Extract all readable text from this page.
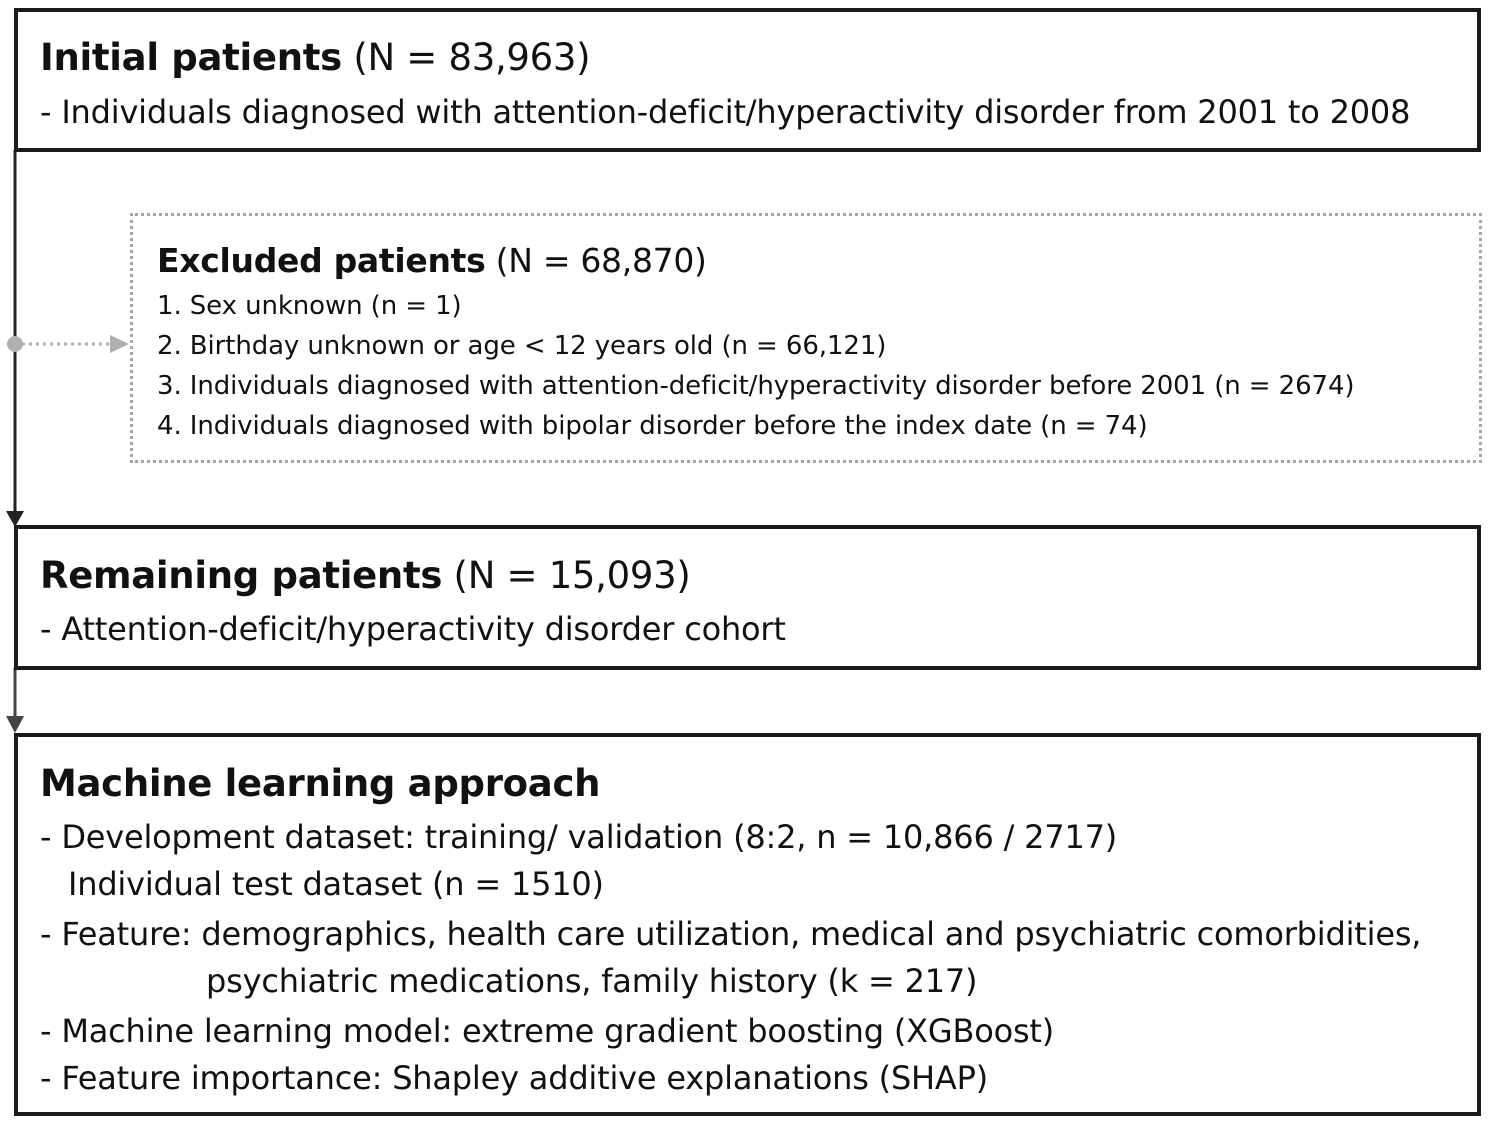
Initial patients (N = 83,963)
- Individuals diagnosed with attention-deficit/hyperactivity disorder from 2001 to 2008
Excluded patients (N = 68,870)
1. Sex unknown (n = 1)
2. Birthday unknown or age < 12 years old (n = 66,121)
3. Individuals diagnosed with attention-deficit/hyperactivity disorder before 2001 (n = 2674)
4. Individuals diagnosed with bipolar disorder before the index date (n = 74)
Remaining patients (N = 15,093)
- Attention-deficit/hyperactivity disorder cohort
Machine learning approach
- Development dataset: training/ validation (8:2, n = 10,866 / 2717)
Individual test dataset (n = 1510)
- Feature: demographics, health care utilization, medical and psychiatric comorbidities,
psychiatric medications, family history (k = 217)
- Machine learning model: extreme gradient boosting (XGBoost)
- Feature importance: Shapley additive explanations (SHAP)
